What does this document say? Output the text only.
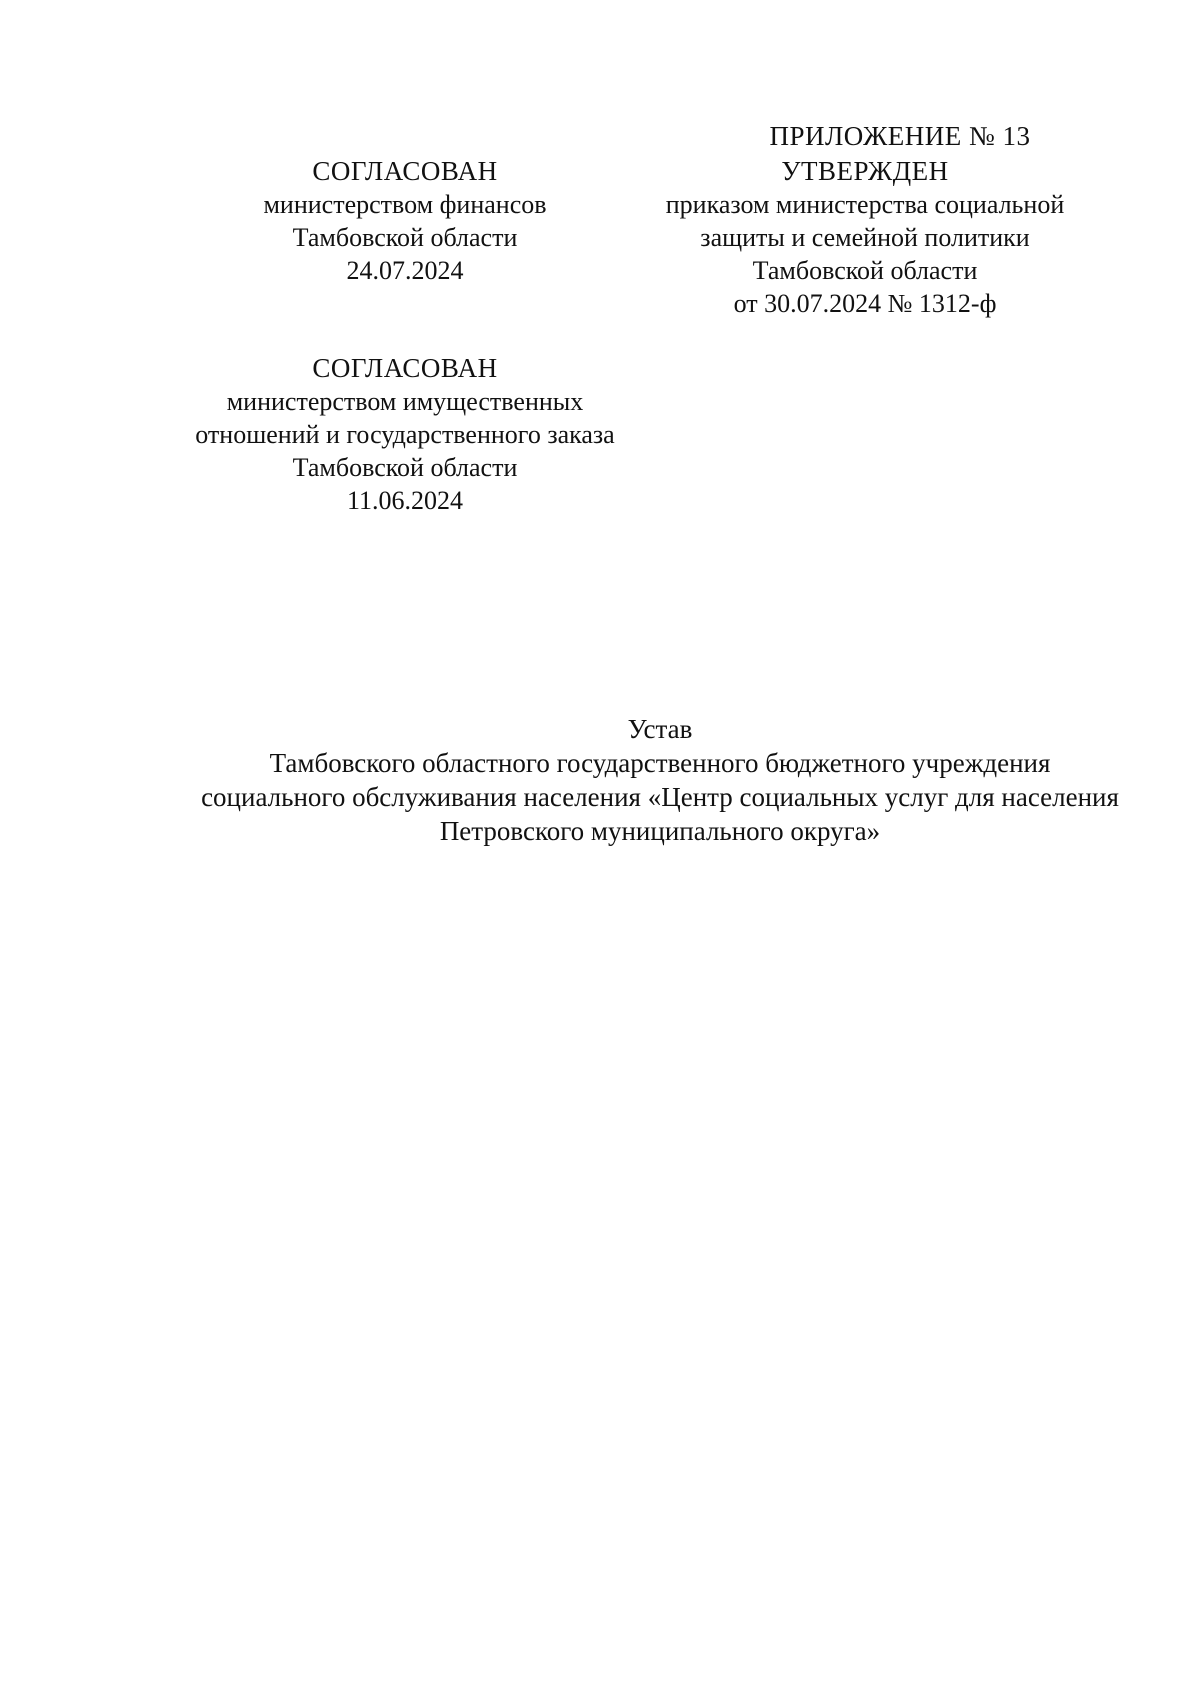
ПРИЛОЖЕНИЕ № 13
УТВЕРЖДЕН
приказом министерства социальной
защиты и семейной политики
Тамбовской области
от 30.07.2024 № 1312-ф
СОГЛАСОВАН
министерством финансов
Тамбовской области
24.07.2024
СОГЛАСОВАН
министерством имущественных
отношений и государственного заказа
Тамбовской области
11.06.2024
Устав
Тамбовского областного государственного бюджетного учреждения
социального обслуживания населения «Центр социальных услуг для населения
Петровского муниципального округа»
